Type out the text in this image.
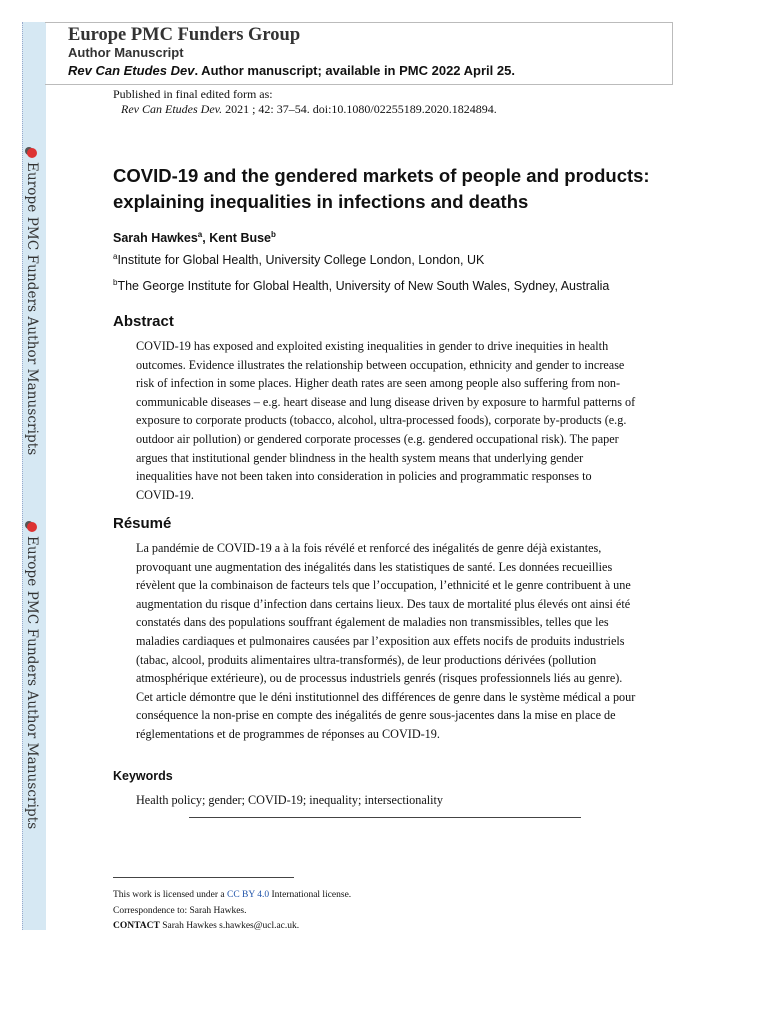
Europe PMC Funders Author Manuscripts
Europe PMC Funders Author Manuscripts
Europe PMC Funders Group
Author Manuscript
Rev Can Etudes Dev. Author manuscript; available in PMC 2022 April 25.
Published in final edited form as:
Rev Can Etudes Dev. 2021 ; 42: 37–54. doi:10.1080/02255189.2020.1824894.
COVID-19 and the gendered markets of people and products: explaining inequalities in infections and deaths
Sarah Hawkes$^a$, Kent Buse$^b$
$^a$Institute for Global Health, University College London, London, UK
$^b$The George Institute for Global Health, University of New South Wales, Sydney, Australia
Abstract
COVID-19 has exposed and exploited existing inequalities in gender to drive inequities in health outcomes. Evidence illustrates the relationship between occupation, ethnicity and gender to increase risk of infection in some places. Higher death rates are seen among people also suffering from non-communicable diseases – e.g. heart disease and lung disease driven by exposure to harmful patterns of exposure to corporate products (tobacco, alcohol, ultra-processed foods), corporate by-products (e.g. outdoor air pollution) or gendered corporate processes (e.g. gendered occupational risk). The paper argues that institutional gender blindness in the health system means that underlying gender inequalities have not been taken into consideration in policies and programmatic responses to COVID-19.
Résumé
La pandémie de COVID-19 a à la fois révélé et renforcé des inégalités de genre déjà existantes, provoquant une augmentation des inégalités dans les statistiques de santé. Les données recueillies révèlent que la combinaison de facteurs tels que l’occupation, l’ethnicité et le genre contribuent à une augmentation du risque d’infection dans certains lieux. Des taux de mortalité plus élevés ont ainsi été constatés dans des populations souffrant également de maladies non transmissibles, telles que les maladies cardiaques et pulmonaires causées par l’exposition aux effets nocifs de produits industriels (tabac, alcool, produits alimentaires ultra-transformés), de leur productions dérivées (pollution atmosphérique extérieure), ou de processus industriels genrés (risques professionnels liés au genre). Cet article démontre que le déni institutionnel des différences de genre dans le système médical a pour conséquence la non-prise en compte des inégalités de genre sous-jacentes dans la mise en place de réglementations et de programmes de réponses au COVID-19.
Keywords
Health policy; gender; COVID-19; inequality; intersectionality
This work is licensed under a CC BY 4.0 International license.
Correspondence to: Sarah Hawkes.
CONTACT Sarah Hawkes s.hawkes@ucl.ac.uk.
